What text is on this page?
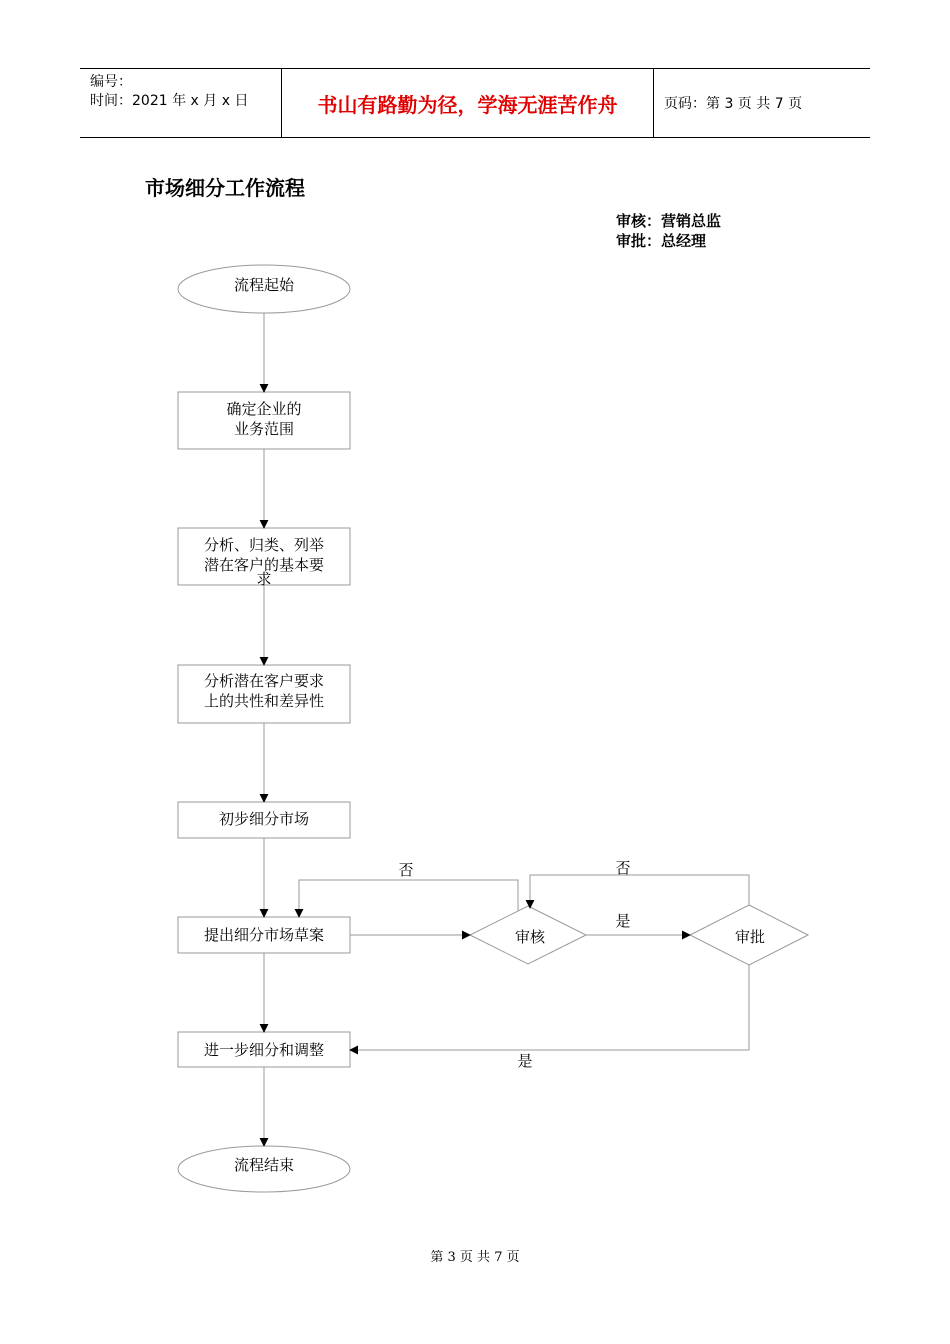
编号：
时间：2021 年 x 月 x 日	书山有路勤为径，学海无涯苦作舟	页码：第 3 页 共 7 页
市场细分工作流程
审核：营销总监
审批：总经理
流程起始
确定企业的
业务范围
分析、归类、列举
潜在客户的基本要
求
分析潜在客户要求
上的共性和差异性
初步细分市场
提出细分市场草案	审核	审批
进一步细分和调整
流程结束
否	否
是
是
第 3 页 共 7 页
